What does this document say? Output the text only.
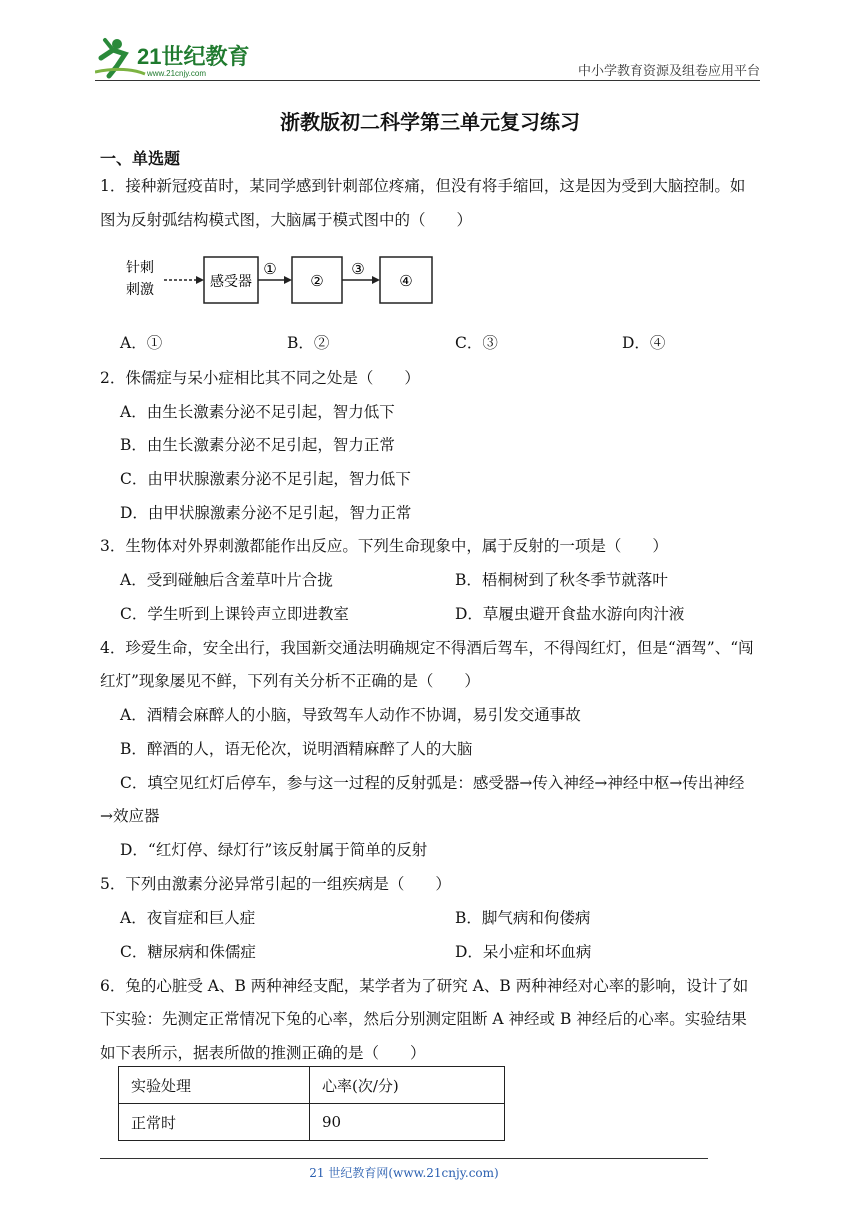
21世纪教育
www.21cnjy.com	中小学教育资源及组卷应用平台
浙教版初二科学第三单元复习练习
一、单选题
1．接种新冠疫苗时，某同学感到针刺部位疼痛，但没有将手缩回，这是因为受到大脑控制。如
图为反射弧结构模式图，大脑属于模式图中的（　　）
针刺
刺激	感受器
①
②
③
④
A．①	B．②	C．③	D．④
2．侏儒症与呆小症相比其不同之处是（　　）
A．由生长激素分泌不足引起，智力低下
B．由生长激素分泌不足引起，智力正常
C．由甲状腺激素分泌不足引起，智力低下
D．由甲状腺激素分泌不足引起，智力正常
3．生物体对外界刺激都能作出反应。下列生命现象中，属于反射的一项是（　　）
A．受到碰触后含羞草叶片合拢	B．梧桐树到了秋冬季节就落叶
C．学生听到上课铃声立即进教室	D．草履虫避开食盐水游向肉汁液
4．珍爱生命，安全出行，我国新交通法明确规定不得酒后驾车，不得闯红灯，但是“酒驾”、“闯
红灯”现象屡见不鲜，下列有关分析不正确的是（　　）
A．酒精会麻醉人的小脑，导致驾车人动作不协调，易引发交通事故
B．醉酒的人，语无伦次，说明酒精麻醉了人的大脑
C．填空见红灯后停车，参与这一过程的反射弧是：感受器→传入神经→神经中枢→传出神经
→效应器
D．“红灯停、绿灯行”该反射属于简单的反射
5．下列由激素分泌异常引起的一组疾病是（　　）
A．夜盲症和巨人症	B．脚气病和佝偻病
C．糖尿病和侏儒症	D．呆小症和坏血病
6．兔的心脏受 A、B 两种神经支配，某学者为了研究 A、B 两种神经对心率的影响，设计了如
下实验：先测定正常情况下兔的心率，然后分别测定阻断 A 神经或 B 神经后的心率。实验结果
如下表所示，据表所做的推测正确的是（　　）
实验处理	心率(次/分)
正常时	90
21 世纪教育网(www.21cnjy.com)
